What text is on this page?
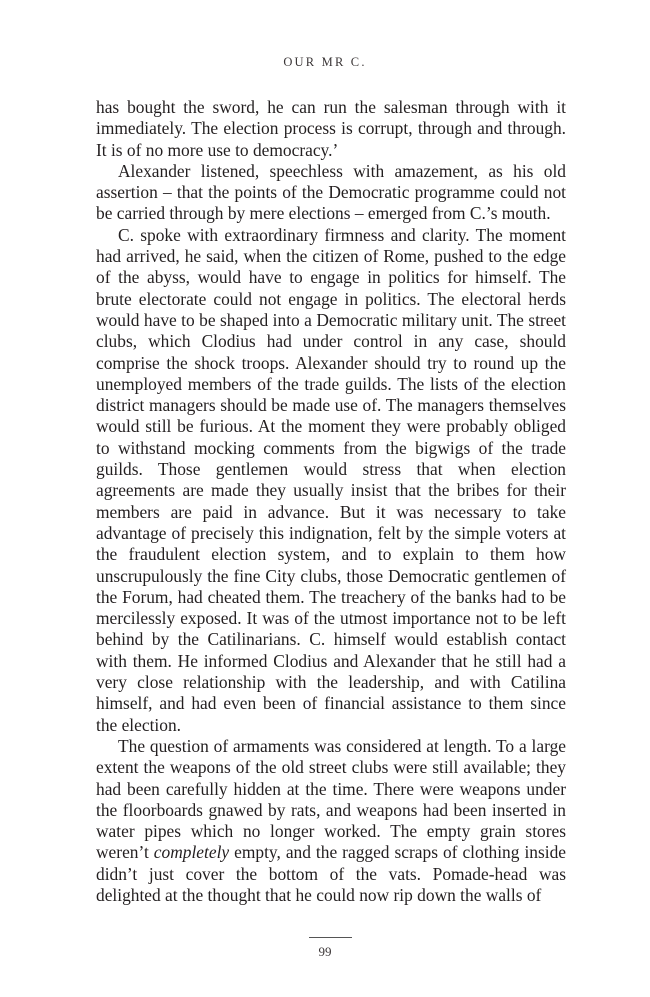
OUR MR C.

has bought the sword, he can run the salesman through with it immediately. The election process is corrupt, through and through. It is of no more use to democracy.’

Alexander listened, speechless with amazement, as his old assertion – that the points of the Democratic programme could not be carried through by mere elections – emerged from C.’s mouth.

C. spoke with extraordinary firmness and clarity. The moment had arrived, he said, when the citizen of Rome, pushed to the edge of the abyss, would have to engage in politics for himself. The brute electorate could not engage in politics. The electoral herds would have to be shaped into a Democratic military unit. The street clubs, which Clodius had under control in any case, should comprise the shock troops. Alexander should try to round up the unemployed members of the trade guilds. The lists of the election district managers should be made use of. The managers themselves would still be furious. At the moment they were probably obliged to withstand mocking comments from the bigwigs of the trade guilds. Those gentlemen would stress that when election agreements are made they usually insist that the bribes for their members are paid in advance. But it was necessary to take advantage of precisely this indignation, felt by the simple voters at the fraudulent election system, and to explain to them how unscrupulously the fine City clubs, those Democratic gentlemen of the Forum, had cheated them. The treachery of the banks had to be mercilessly exposed. It was of the utmost importance not to be left behind by the Catilinarians. C. himself would establish contact with them. He informed Clodius and Alexander that he still had a very close relationship with the leadership, and with Catilina himself, and had even been of financial assistance to them since the election.

The question of armaments was considered at length. To a large extent the weapons of the old street clubs were still available; they had been carefully hidden at the time. There were weapons under the floorboards gnawed by rats, and weapons had been inserted in water pipes which no longer worked. The empty grain stores weren’t completely empty, and the ragged scraps of clothing inside didn’t just cover the bottom of the vats. Pomade-head was delighted at the thought that he could now rip down the walls of

99
